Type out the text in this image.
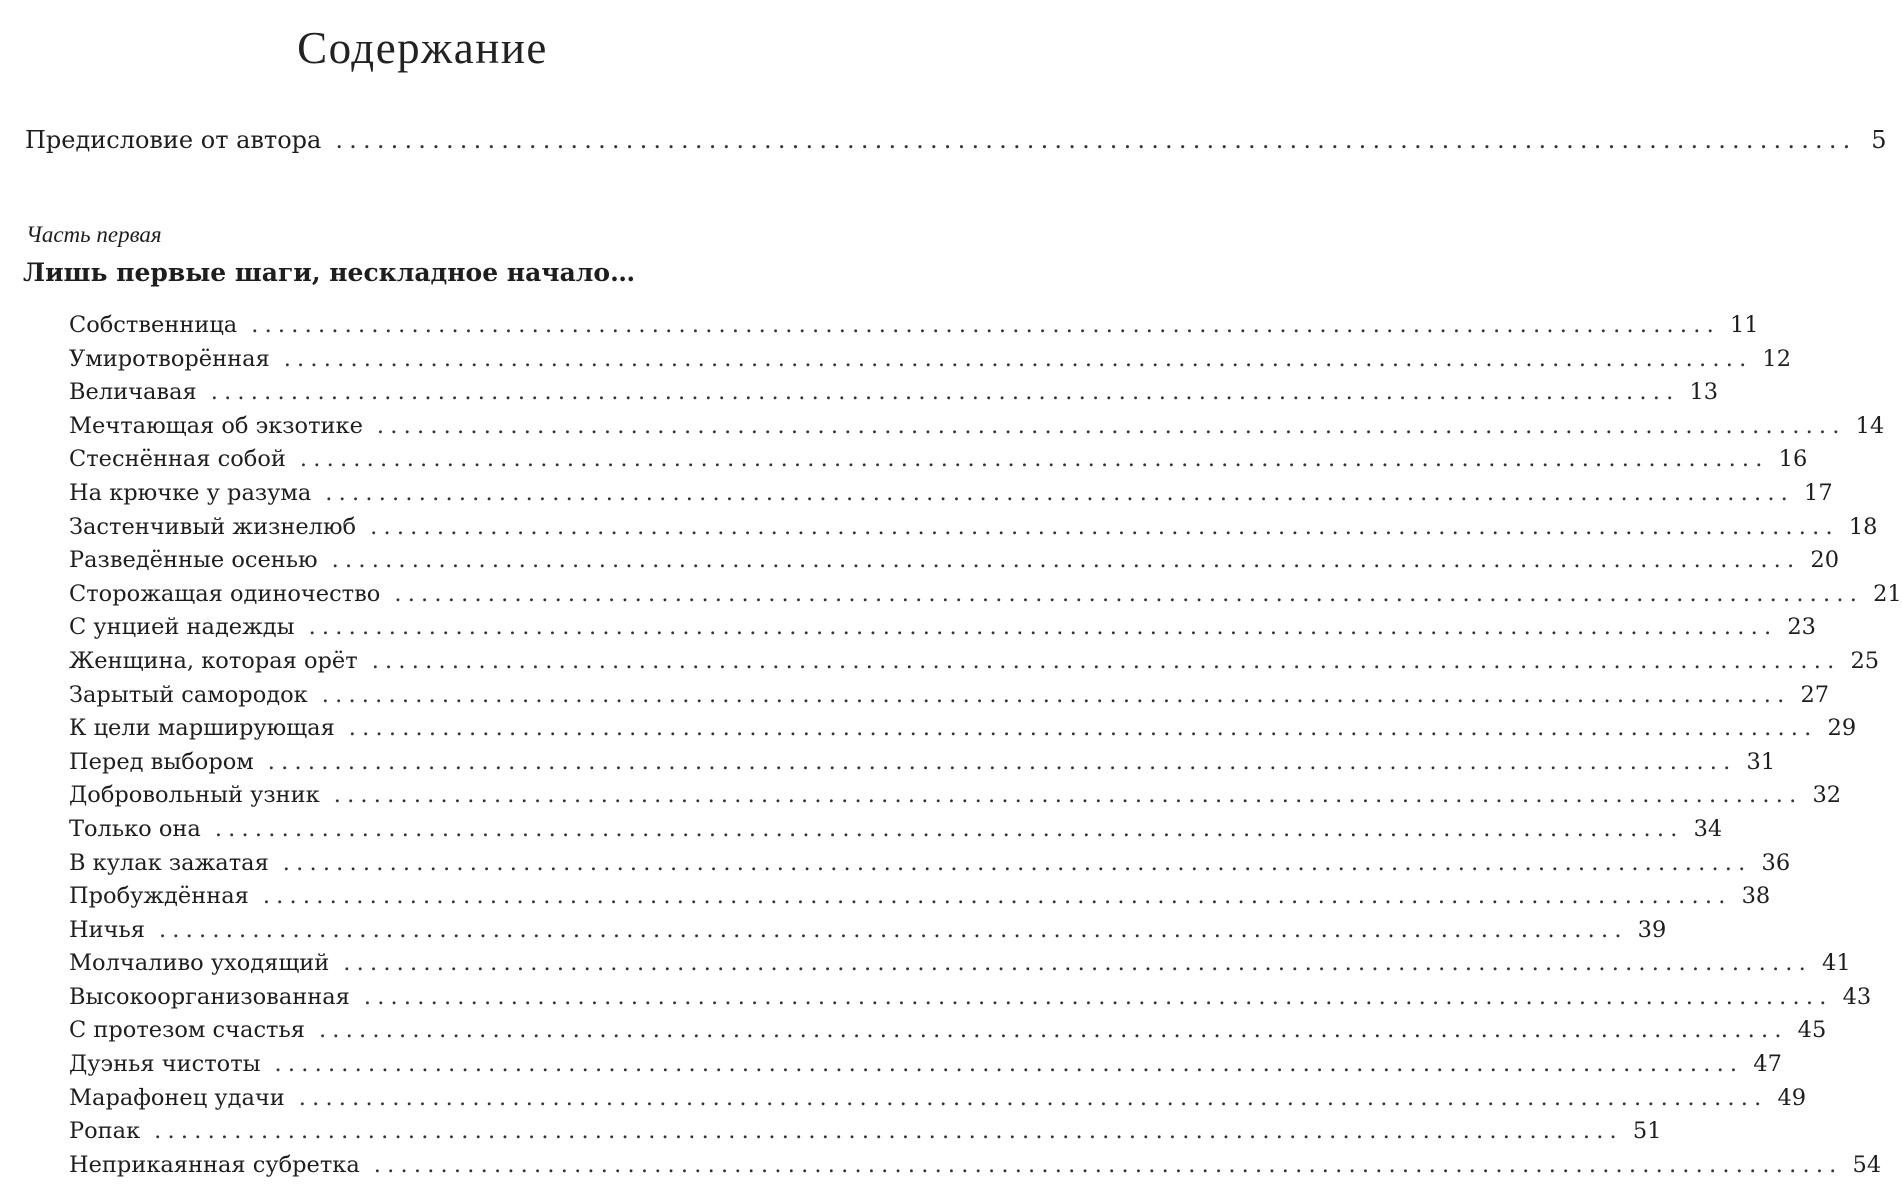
Содержание
Предисловие от автора .............................................................................................................. 5
Часть первая
Лишь первые шаги, нескладное начало…
Собственница .............................................................................................................. 11
Умиротворённая .............................................................................................................. 12
Величавая .............................................................................................................. 13
Мечтающая об экзотике .............................................................................................................. 14
Стеснённая собой .............................................................................................................. 16
На крючке у разума .............................................................................................................. 17
Застенчивый жизнелюб .............................................................................................................. 18
Разведённые осенью .............................................................................................................. 20
Сторожащая одиночество .............................................................................................................. 21
С унцией надежды .............................................................................................................. 23
Женщина, которая орёт .............................................................................................................. 25
Зарытый самородок .............................................................................................................. 27
К цели марширующая .............................................................................................................. 29
Перед выбором .............................................................................................................. 31
Добровольный узник .............................................................................................................. 32
Только она .............................................................................................................. 34
В кулак зажатая .............................................................................................................. 36
Пробуждённая .............................................................................................................. 38
Ничья .............................................................................................................. 39
Молчаливо уходящий .............................................................................................................. 41
Высокоорганизованная .............................................................................................................. 43
С протезом счастья .............................................................................................................. 45
Дуэнья чистоты .............................................................................................................. 47
Марафонец удачи .............................................................................................................. 49
Ропак .............................................................................................................. 51
Неприкаянная субретка .............................................................................................................. 54
